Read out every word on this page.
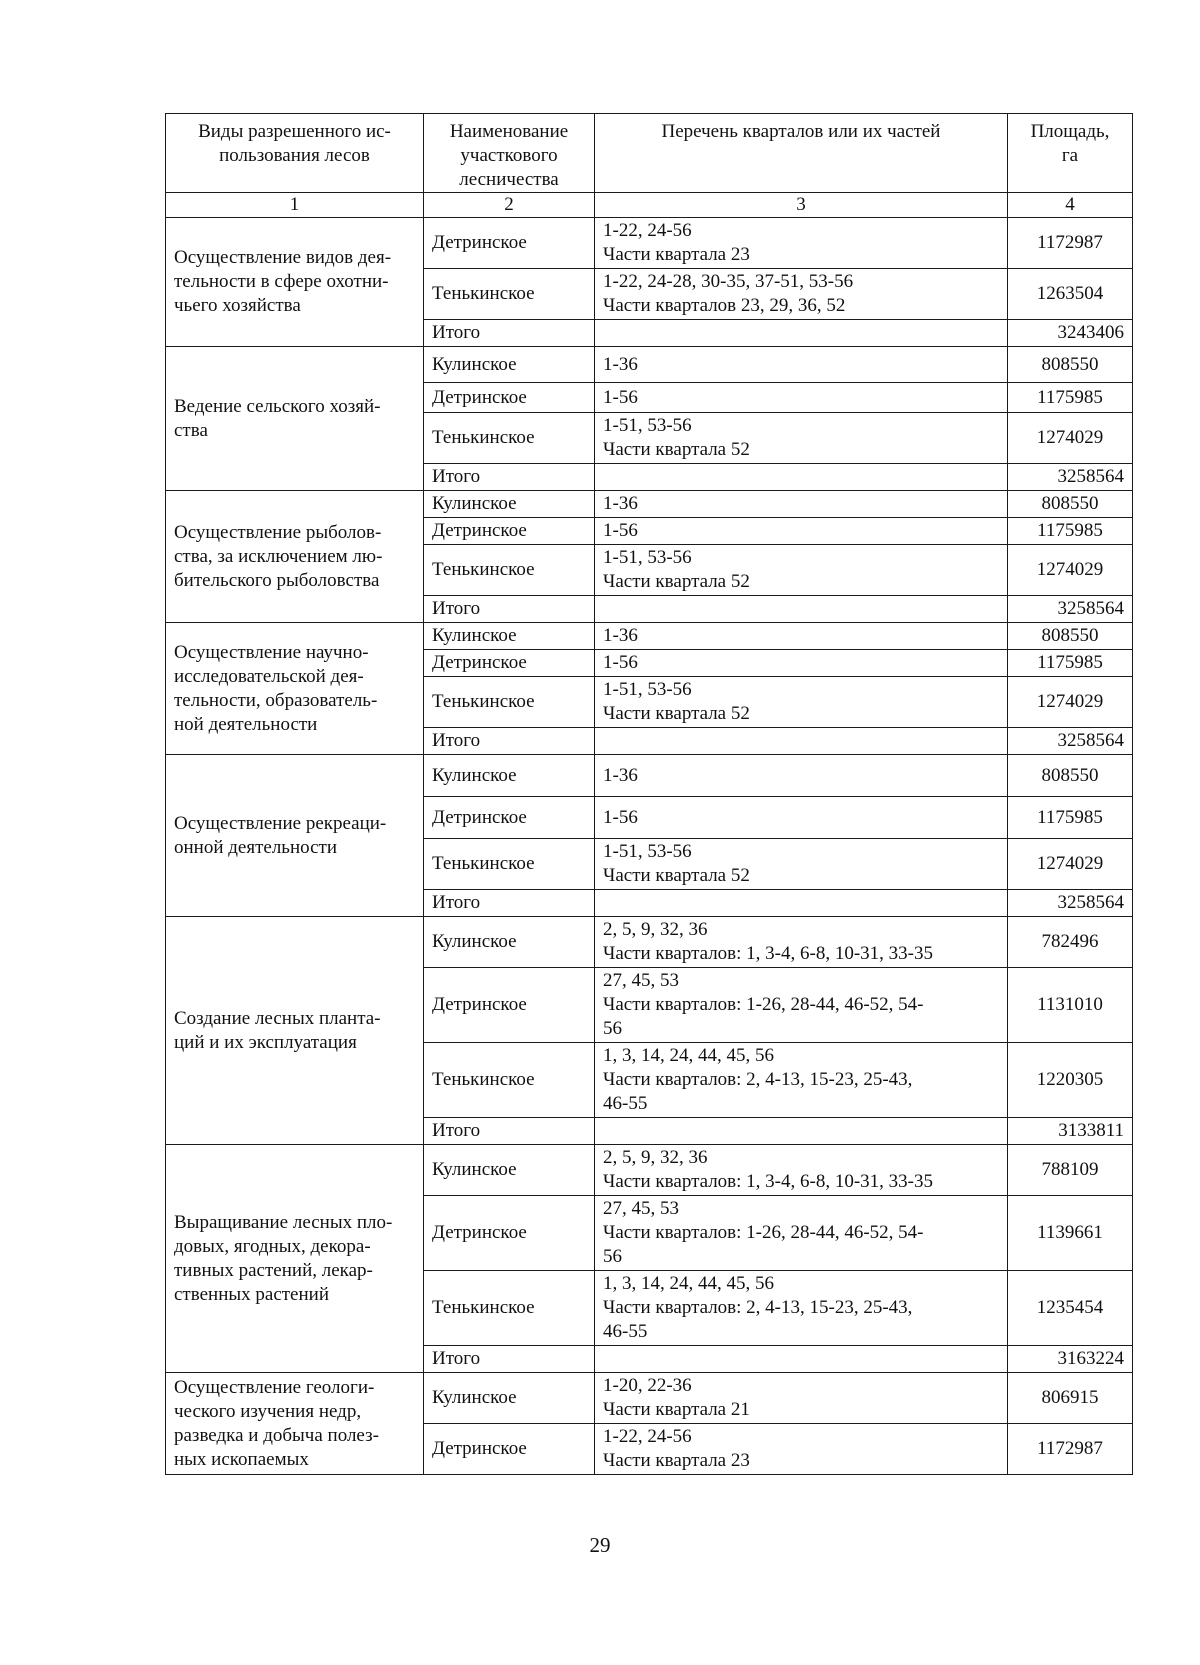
Виды разрешенного ис-
пользования лесов	Наименование
участкового
лесничества	Перечень кварталов или их частей	Площадь,
га

1	2	3	4

Осуществление видов дея-
тельности в сфере охотни-
чьего хозяйства	Детринское	1-22, 24-56
Части квартала 23	1172987
	Тенькинское	1-22, 24-28, 30-35, 37-51, 53-56
Части кварталов 23, 29, 36, 52	1263504
	Итого		3243406

Ведение сельского хозяй-
ства	Кулинское	1-36	808550
	Детринское	1-56	1175985
	Тенькинское	1-51, 53-56
Части квартала 52	1274029
	Итого		3258564

Осуществление рыболов-
ства, за исключением лю-
бительского рыболовства	Кулинское	1-36	808550
	Детринское	1-56	1175985
	Тенькинское	1-51, 53-56
Части квартала 52	1274029
	Итого		3258564

Осуществление научно-
исследовательской дея-
тельности, образователь-
ной деятельности	Кулинское	1-36	808550
	Детринское	1-56	1175985
	Тенькинское	1-51, 53-56
Части квартала 52	1274029
	Итого		3258564

Осуществление рекреаци-
онной деятельности	Кулинское	1-36	808550
	Детринское	1-56	1175985
	Тенькинское	1-51, 53-56
Части квартала 52	1274029
	Итого		3258564

Создание лесных планта-
ций и их эксплуатация	Кулинское	2, 5, 9, 32, 36
Части кварталов: 1, 3-4, 6-8, 10-31, 33-35	782496
	Детринское	27, 45, 53
Части кварталов: 1-26, 28-44, 46-52, 54-
56	1131010
	Тенькинское	1, 3, 14, 24, 44, 45, 56
Части кварталов: 2, 4-13, 15-23, 25-43,
46-55	1220305
	Итого		3133811

Выращивание лесных пло-
довых, ягодных, декора-
тивных растений, лекар-
ственных растений	Кулинское	2, 5, 9, 32, 36
Части кварталов: 1, 3-4, 6-8, 10-31, 33-35	788109
	Детринское	27, 45, 53
Части кварталов: 1-26, 28-44, 46-52, 54-
56	1139661
	Тенькинское	1, 3, 14, 24, 44, 45, 56
Части кварталов: 2, 4-13, 15-23, 25-43,
46-55	1235454
	Итого		3163224

Осуществление геологи-
ческого изучения недр,
разведка и добыча полез-
ных ископаемых	Кулинское	1-20, 22-36
Части квартала 21	806915
	Детринское	1-22, 24-56
Части квартала 23	1172987
29
